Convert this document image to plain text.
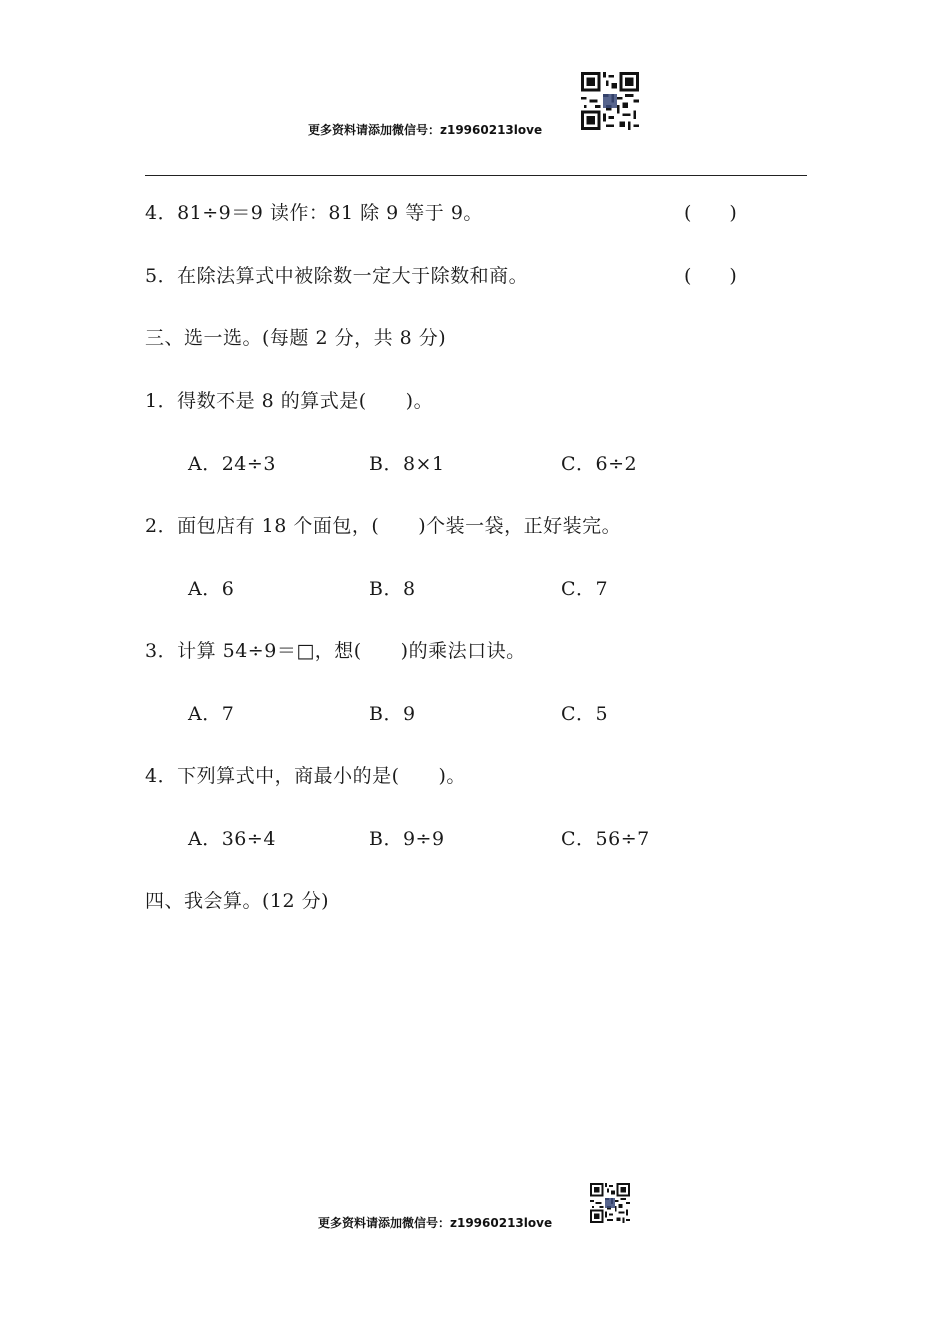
更多资料请添加微信号：z19960213love
4．81÷9＝9 读作：81 除 9 等于 9。	(　　)
5．在除法算式中被除数一定大于除数和商。	(　　)
三、选一选。(每题 2 分，共 8 分)
1．得数不是 8 的算式是(　　)。
A．24÷3	B．8×1	C．6÷2
2．面包店有 18 个面包，(　　)个装一袋，正好装完。
A．6	B．8	C．7
3．计算 54÷9＝□，想(　　)的乘法口诀。
A．7	B．9	C．5
4．下列算式中，商最小的是(　　)。
A．36÷4	B．9÷9	C．56÷7
四、我会算。(12 分)
更多资料请添加微信号：z19960213love
